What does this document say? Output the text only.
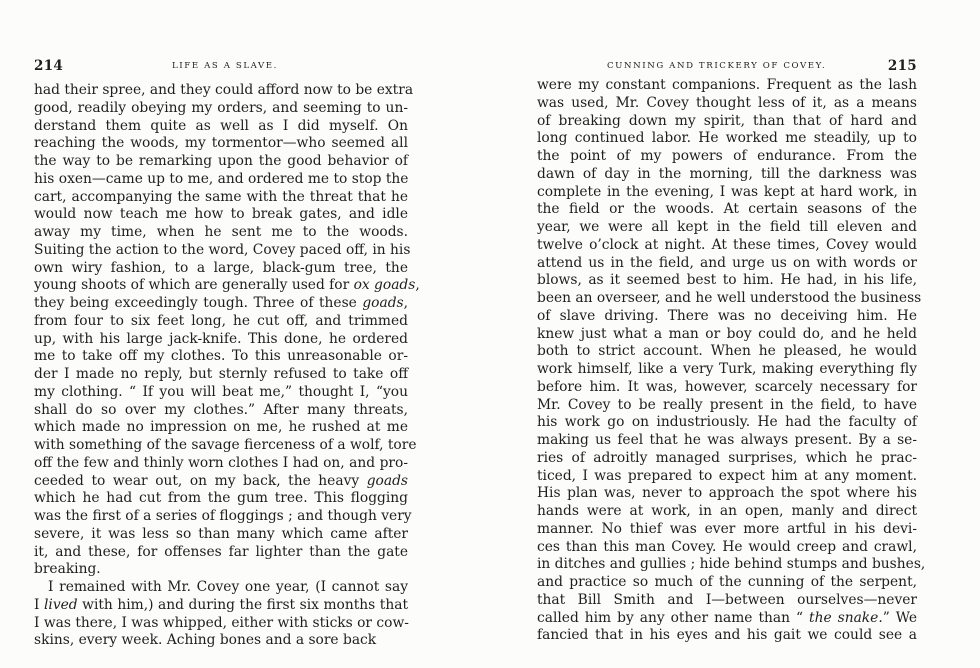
214	LIFE AS A SLAVE.
had their spree, and they could afford now to be extra
good, readily obeying my orders, and seeming to un-
derstand them quite as well as I did myself. On
reaching the woods, my tormentor—who seemed all
the way to be remarking upon the good behavior of
his oxen—came up to me, and ordered me to stop the
cart, accompanying the same with the threat that he
would now teach me how to break gates, and idle
away my time, when he sent me to the woods.
Suiting the action to the word, Covey paced off, in his
own wiry fashion, to a large, black-gum tree, the
young shoots of which are generally used for ox goads,
they being exceedingly tough. Three of these goads,
from four to six feet long, he cut off, and trimmed
up, with his large jack-knife. This done, he ordered
me to take off my clothes. To this unreasonable or-
der I made no reply, but sternly refused to take off
my clothing. “ If you will beat me,” thought I, “you
shall do so over my clothes.” After many threats,
which made no impression on me, he rushed at me
with something of the savage fierceness of a wolf, tore
off the few and thinly worn clothes I had on, and pro-
ceeded to wear out, on my back, the heavy goads
which he had cut from the gum tree. This flogging
was the first of a series of floggings ; and though very
severe, it was less so than many which came after
it, and these, for offenses far lighter than the gate
breaking.
I remained with Mr. Covey one year, (I cannot say
I lived with him,) and during the first six months that
I was there, I was whipped, either with sticks or cow-
skins, every week. Aching bones and a sore back
CUNNING AND TRICKERY OF COVEY.	215
were my constant companions. Frequent as the lash
was used, Mr. Covey thought less of it, as a means
of breaking down my spirit, than that of hard and
long continued labor. He worked me steadily, up to
the point of my powers of endurance. From the
dawn of day in the morning, till the darkness was
complete in the evening, I was kept at hard work, in
the field or the woods. At certain seasons of the
year, we were all kept in the field till eleven and
twelve o’clock at night. At these times, Covey would
attend us in the field, and urge us on with words or
blows, as it seemed best to him. He had, in his life,
been an overseer, and he well understood the business
of slave driving. There was no deceiving him. He
knew just what a man or boy could do, and he held
both to strict account. When he pleased, he would
work himself, like a very Turk, making everything fly
before him. It was, however, scarcely necessary for
Mr. Covey to be really present in the field, to have
his work go on industriously. He had the faculty of
making us feel that he was always present. By a se-
ries of adroitly managed surprises, which he prac-
ticed, I was prepared to expect him at any moment.
His plan was, never to approach the spot where his
hands were at work, in an open, manly and direct
manner. No thief was ever more artful in his devi-
ces than this man Covey. He would creep and crawl,
in ditches and gullies ; hide behind stumps and bushes,
and practice so much of the cunning of the serpent,
that Bill Smith and I—between ourselves—never
called him by any other name than “ the snake.” We
fancied that in his eyes and his gait we could see a
